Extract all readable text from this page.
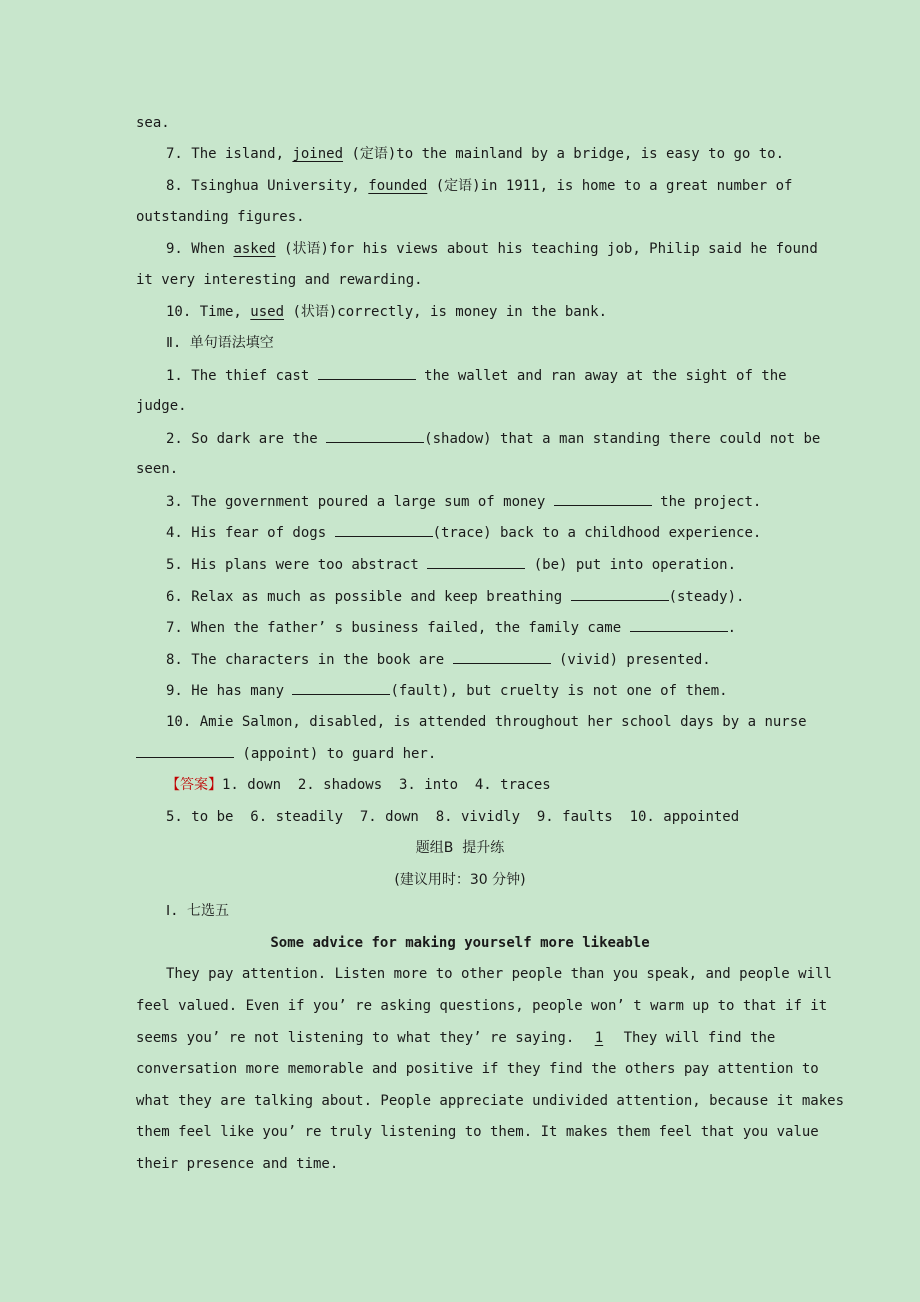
sea.
7. The island, joined (定语)to the mainland by a bridge, is easy to go to.
8. Tsinghua University, founded (定语)in 1911, is home to a great number of
outstanding figures.
9. When asked (状语)for his views about his teaching job, Philip said he found
it very interesting and rewarding.
10. Time, used (状语)correctly, is money in the bank.
Ⅱ. 单句语法填空
1. The thief cast	the wallet and ran away at the sight of the
judge.
2. So dark are the	(shadow) that a man standing there could not be
seen.
3. The government poured a large sum of money	the project.
4. His fear of dogs	(trace) back to a childhood experience.
5. His plans were too abstract	(be) put into operation.
6. Relax as much as possible and keep breathing	(steady).
7. When the father’ s business failed, the family came	.
8. The characters in the book are	(vivid) presented.
9. He has many	(fault), but cruelty is not one of them.
10. Amie Salmon, disabled, is attended throughout her school days by a nurse
(appoint) to guard her.
【答案】1. down  2. shadows  3. into  4. traces
5. to be  6. steadily  7. down  8. vividly  9. faults  10. appointed
题组B  提升练
(建议用时：30 分钟)
Ⅰ. 七选五
Some advice for making yourself more likeable
They pay attention. Listen more to other people than you speak, and people will
feel valued. Even if you’ re asking questions, people won’ t warm up to that if it
seems you’ re not listening to what they’ re saying. 1 They will find the
conversation more memorable and positive if they find the others pay attention to
what they are talking about. People appreciate undivided attention, because it makes
them feel like you’ re truly listening to them. It makes them feel that you value
their presence and time.
